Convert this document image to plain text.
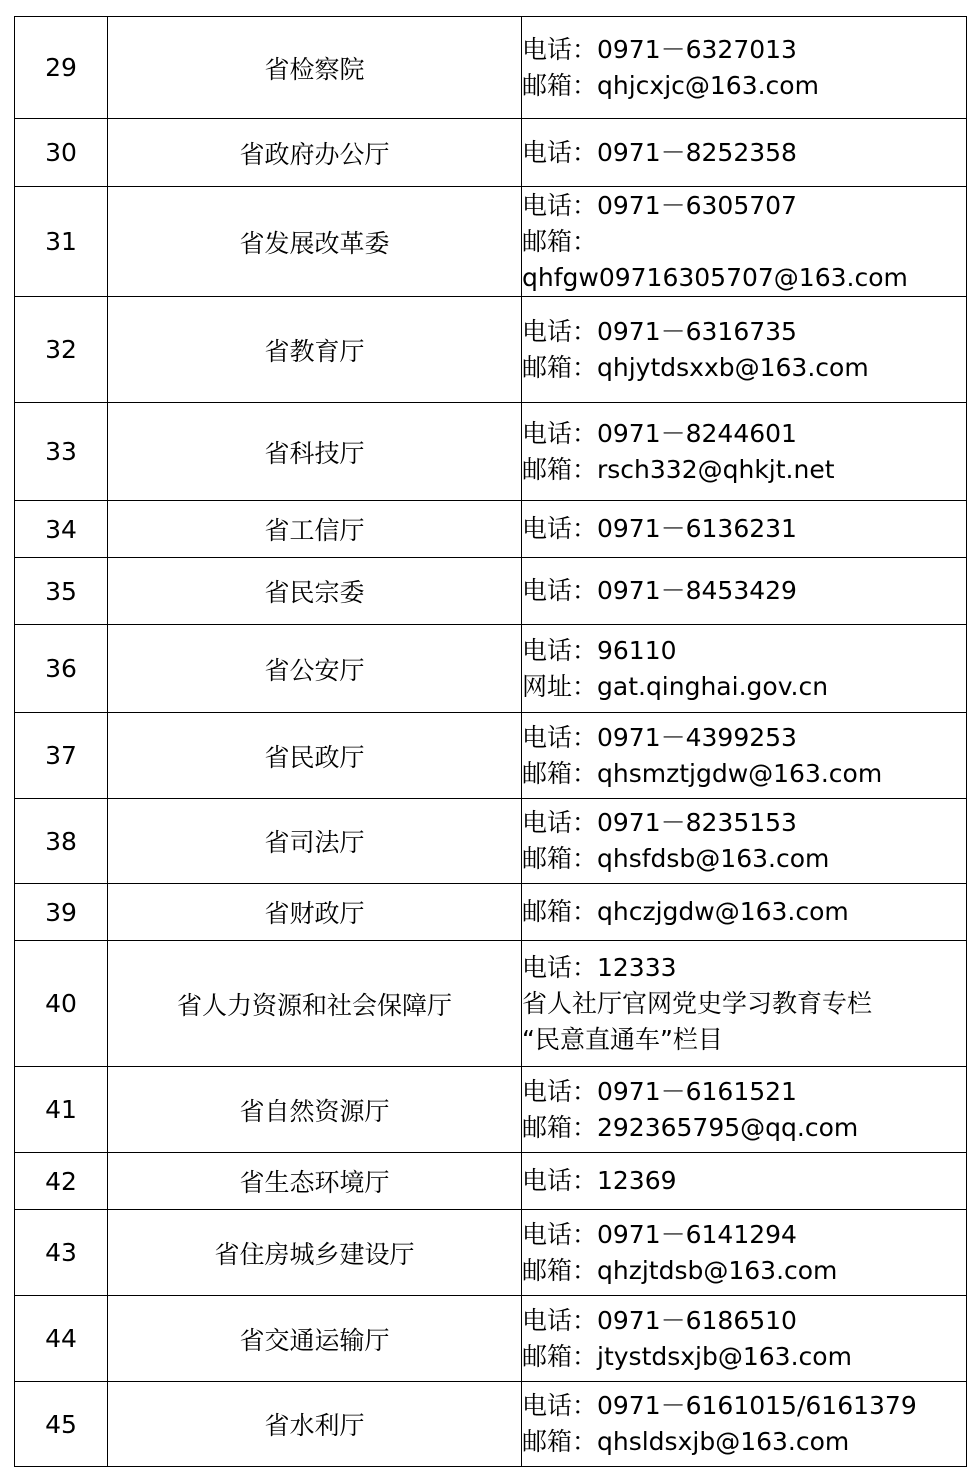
29	省检察院	电话：0971－6327013
邮箱：qhjcxjc@163.com

30	省政府办公厅	电话：0971－8252358

31	省发展改革委	电话：0971－6305707
邮箱：
qhfgw09716305707@163.com

32	省教育厅	电话：0971－6316735
邮箱：qhjytdsxxb@163.com

33	省科技厅	电话：0971－8244601
邮箱：rsch332@qhkjt.net

34	省工信厅	电话：0971－6136231

35	省民宗委	电话：0971－8453429

36	省公安厅	电话：96110
网址：gat.qinghai.gov.cn

37	省民政厅	电话：0971－4399253
邮箱：qhsmztjgdw@163.com

38	省司法厅	电话：0971－8235153
邮箱：qhsfdsb@163.com

39	省财政厅	邮箱：qhczjgdw@163.com

40	省人力资源和社会保障厅	电话：12333
省人社厅官网党史学习教育专栏
“民意直通车”栏目

41	省自然资源厅	电话：0971－6161521
邮箱：292365795@qq.com

42	省生态环境厅	电话：12369

43	省住房城乡建设厅	电话：0971－6141294
邮箱：qhzjtdsb@163.com

44	省交通运输厅	电话：0971－6186510
邮箱：jtystdsxjb@163.com

45	省水利厅	电话：0971－6161015/6161379
邮箱：qhsldsxjb@163.com
